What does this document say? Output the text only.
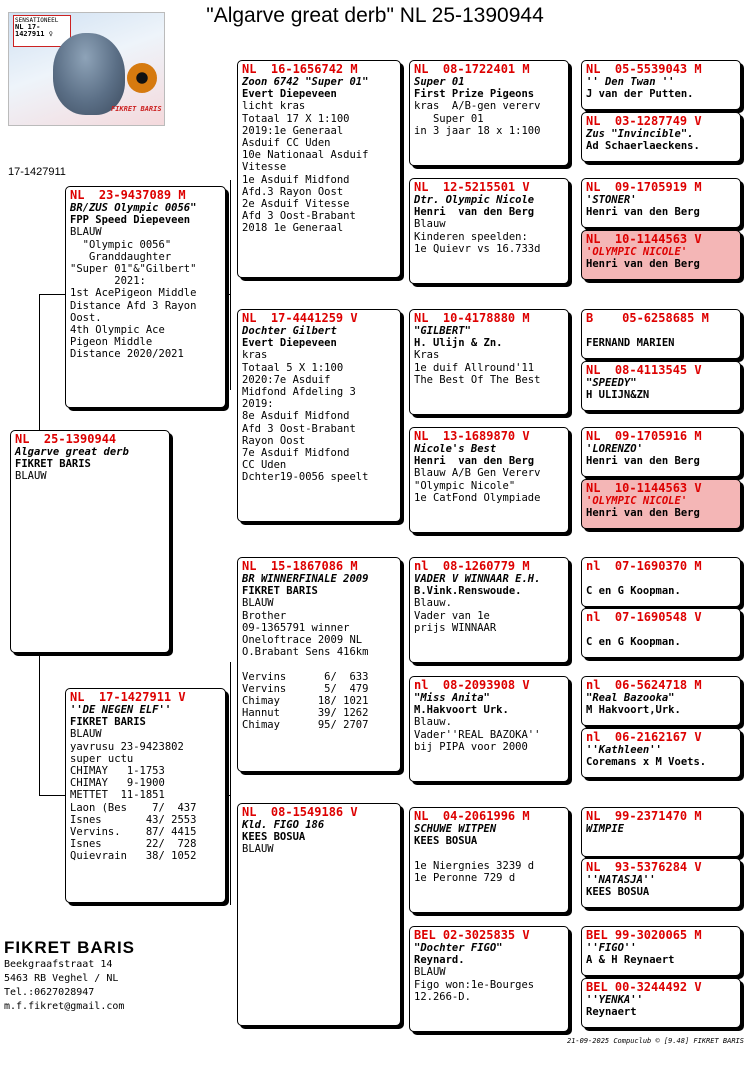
"Algarve great derb" NL 25-1390944
SENSATIONEEL
NL 17-1427911 ♀
FIKRET BARIS
17-1427911
NL  25-1390944
Algarve great derb
FIKRET BARIS
BLAUW
NL  23-9437089 M
BR/ZUS Olympic 0056"
FPP Speed Diepeveen
BLAUW
"Olympic 0056"
Granddaughter
"Super 01"&"Gilbert"
2021:
1st AcePigeon Middle
Distance Afd 3 Rayon
Oost.
4th Olympic Ace
Pigeon Middle
Distance 2020/2021
NL  17-1427911 V
''DE NEGEN ELF''
FIKRET BARIS
BLAUW
yavrusu 23-9423802
super uctu
CHIMAY   1-1753
CHIMAY   9-1900
METTET  11-1851
Laon (Bes    7/  437
Isnes       43/ 2553
Vervins.    87/ 4415
Isnes       22/  728
Quievrain   38/ 1052
NL  16-1656742 M
Zoon 6742 "Super 01"
Evert Diepeveen
licht kras
Totaal 17 X 1:100
2019:1e Generaal
Asduif CC Uden
10e Nationaal Asduif
Vitesse
1e Asduif Midfond
Afd.3 Rayon Oost
2e Asduif Vitesse
Afd 3 Oost-Brabant
2018 1e Generaal
NL  17-4441259 V
Dochter Gilbert
Evert Diepeveen
kras
Totaal 5 X 1:100
2020:7e Asduif
Midfond Afdeling 3
2019:
8e Asduif Midfond
Afd 3 Oost-Brabant
Rayon Oost
7e Asduif Midfond
CC Uden
Dchter19-0056 speelt
NL  15-1867086 M
BR WINNERFINALE 2009
FIKRET BARIS
BLAUW
Brother
09-1365791 winner
Oneloftrace 2009 NL
O.Brabant Sens 416km

Vervins      6/  633
Vervins      5/  479
Chimay      18/ 1021
Hannut      39/ 1262
Chimay      95/ 2707
NL  08-1549186 V
Kld. FIGO 186
KEES BOSUA
BLAUW
NL  08-1722401 M
Super 01
First Prize Pigeons
kras  A/B-gen vererv
Super 01
in 3 jaar 18 x 1:100
NL  12-5215501 V
Dtr. Olympic Nicole
Henri  van den Berg
Blauw
Kinderen speelden:
1e Quievr vs 16.733d
NL  10-4178880 M
"GILBERT"
H. Ulijn & Zn.
Kras
1e duif Allround'11
The Best Of The Best
NL  13-1689870 V
Nicole's Best
Henri  van den Berg
Blauw A/B Gen Vererv
"Olympic Nicole"
1e CatFond Olympiade
nl  08-1260779 M
VADER V WINNAAR E.H.
B.Vink.Renswoude.
Blauw.
Vader van 1e
prijs WINNAAR
nl  08-2093908 V
"Miss Anita"
M.Hakvoort Urk.
Blauw.
Vader''REAL BAZOKA''
bij PIPA voor 2000
NL  04-2061996 M
SCHUWE WITPEN
KEES BOSUA

1e Niergnies 3239 d
1e Peronne 729 d
BEL 02-3025835 V
"Dochter FIGO"
Reynard.
BLAUW
Figo won:1e-Bourges
12.266-D.
NL  05-5539043 M
'' Den Twan ''
J van der Putten.
NL  03-1287749 V
Zus "Invincible".
Ad Schaerlaeckens.
NL  09-1705919 M
'STONER'
Henri van den Berg
NL  10-1144563 V
'OLYMPIC NICOLE'
Henri van den Berg
B    05-6258685 M

FERNAND MARIEN
NL  08-4113545 V
"SPEEDY"
H ULIJN&ZN
NL  09-1705916 M
'LORENZO'
Henri van den Berg
NL  10-1144563 V
'OLYMPIC NICOLE'
Henri van den Berg
nl  07-1690370 M

C en G Koopman.
nl  07-1690548 V

C en G Koopman.
nl  06-5624718 M
"Real Bazooka"
M Hakvoort,Urk.
nl  06-2162167 V
''Kathleen''
Coremans x M Voets.
NL  99-2371470 M
WIMPIE
NL  93-5376284 V
''NATASJA''
KEES BOSUA
BEL 99-3020065 M
''FIGO''
A & H Reynaert
BEL 00-3244492 V
''YENKA''
Reynaert
FIKRET BARIS
Beekgraafstraat 14
5463 RB Veghel / NL
Tel.:0627028947
m.f.fikret@gmail.com
21-09-2025 Compuclub © [9.48] FIKRET BARIS
